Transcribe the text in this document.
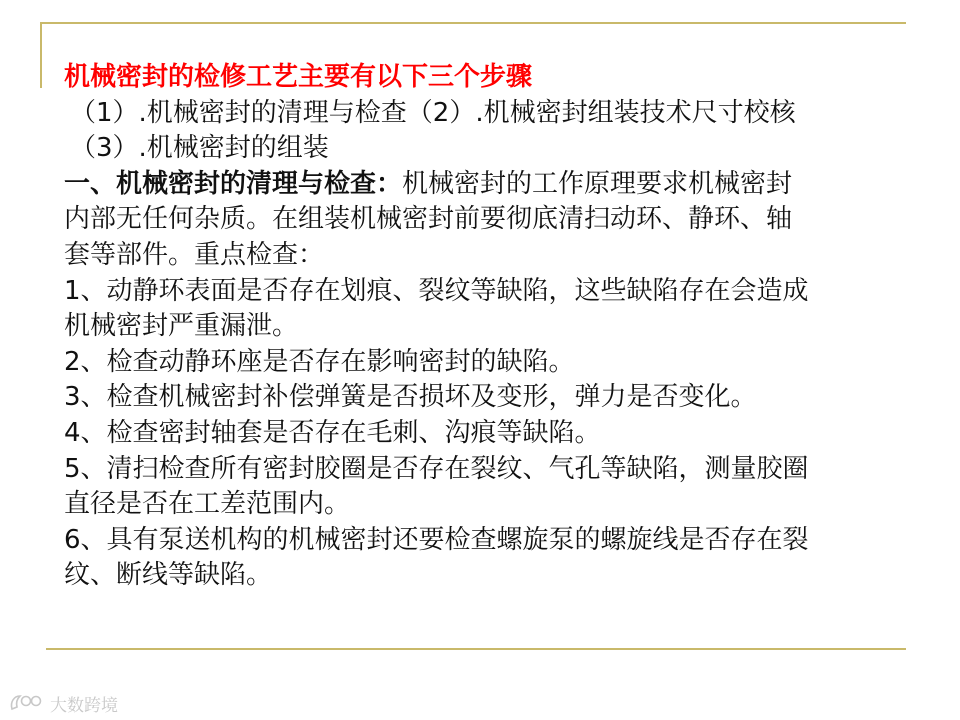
机械密封的检修工艺主要有以下三个步骤

（1）.机械密封的清理与检查（2）.机械密封组装技术尺寸校核

（3）.机械密封的组装

一、机械密封的清理与检查：机械密封的工作原理要求机械密封

内部无任何杂质。在组装机械密封前要彻底清扫动环、静环、轴

套等部件。重点检查：

1、动静环表面是否存在划痕、裂纹等缺陷，这些缺陷存在会造成

机械密封严重漏泄。

2、检查动静环座是否存在影响密封的缺陷。

3、检查机械密封补偿弹簧是否损坏及变形，弹力是否变化。

4、检查密封轴套是否存在毛刺、沟痕等缺陷。

5、清扫检查所有密封胶圈是否存在裂纹、气孔等缺陷，测量胶圈

直径是否在工差范围内。

6、具有泵送机构的机械密封还要检查螺旋泵的螺旋线是否存在裂

纹、断线等缺陷。

大数跨境
